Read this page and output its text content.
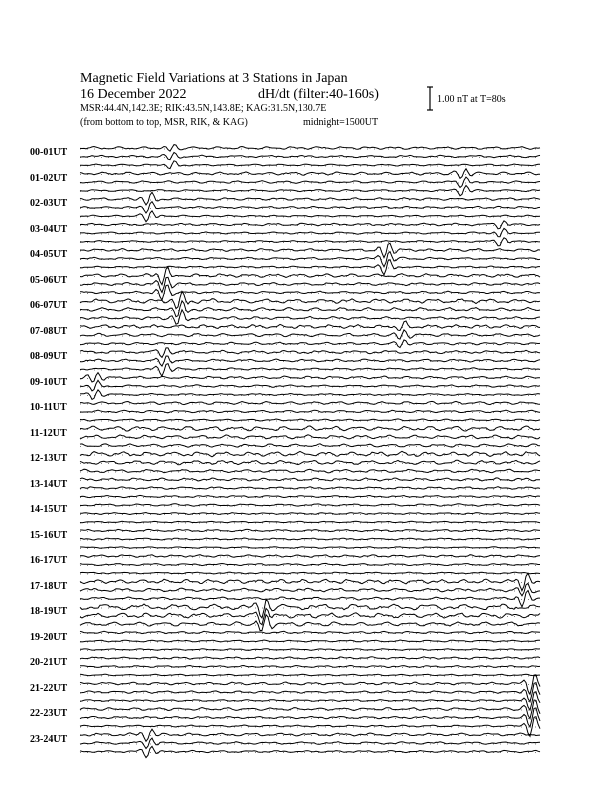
Magnetic Field Variations at 3 Stations in Japan
16 December 2022	dH/dt (filter:40-160s)
MSR:44.4N,142.3E; RIK:43.5N,143.8E; KAG:31.5N,130.7E
(from bottom to top, MSR, RIK, & KAG)	midnight=1500UT
1.00 nT at T=80s
00-01UT
01-02UT
02-03UT
03-04UT
04-05UT
05-06UT
06-07UT
07-08UT
08-09UT
09-10UT
10-11UT
11-12UT
12-13UT
13-14UT
14-15UT
15-16UT
16-17UT
17-18UT
18-19UT
19-20UT
20-21UT
21-22UT
22-23UT
23-24UT
